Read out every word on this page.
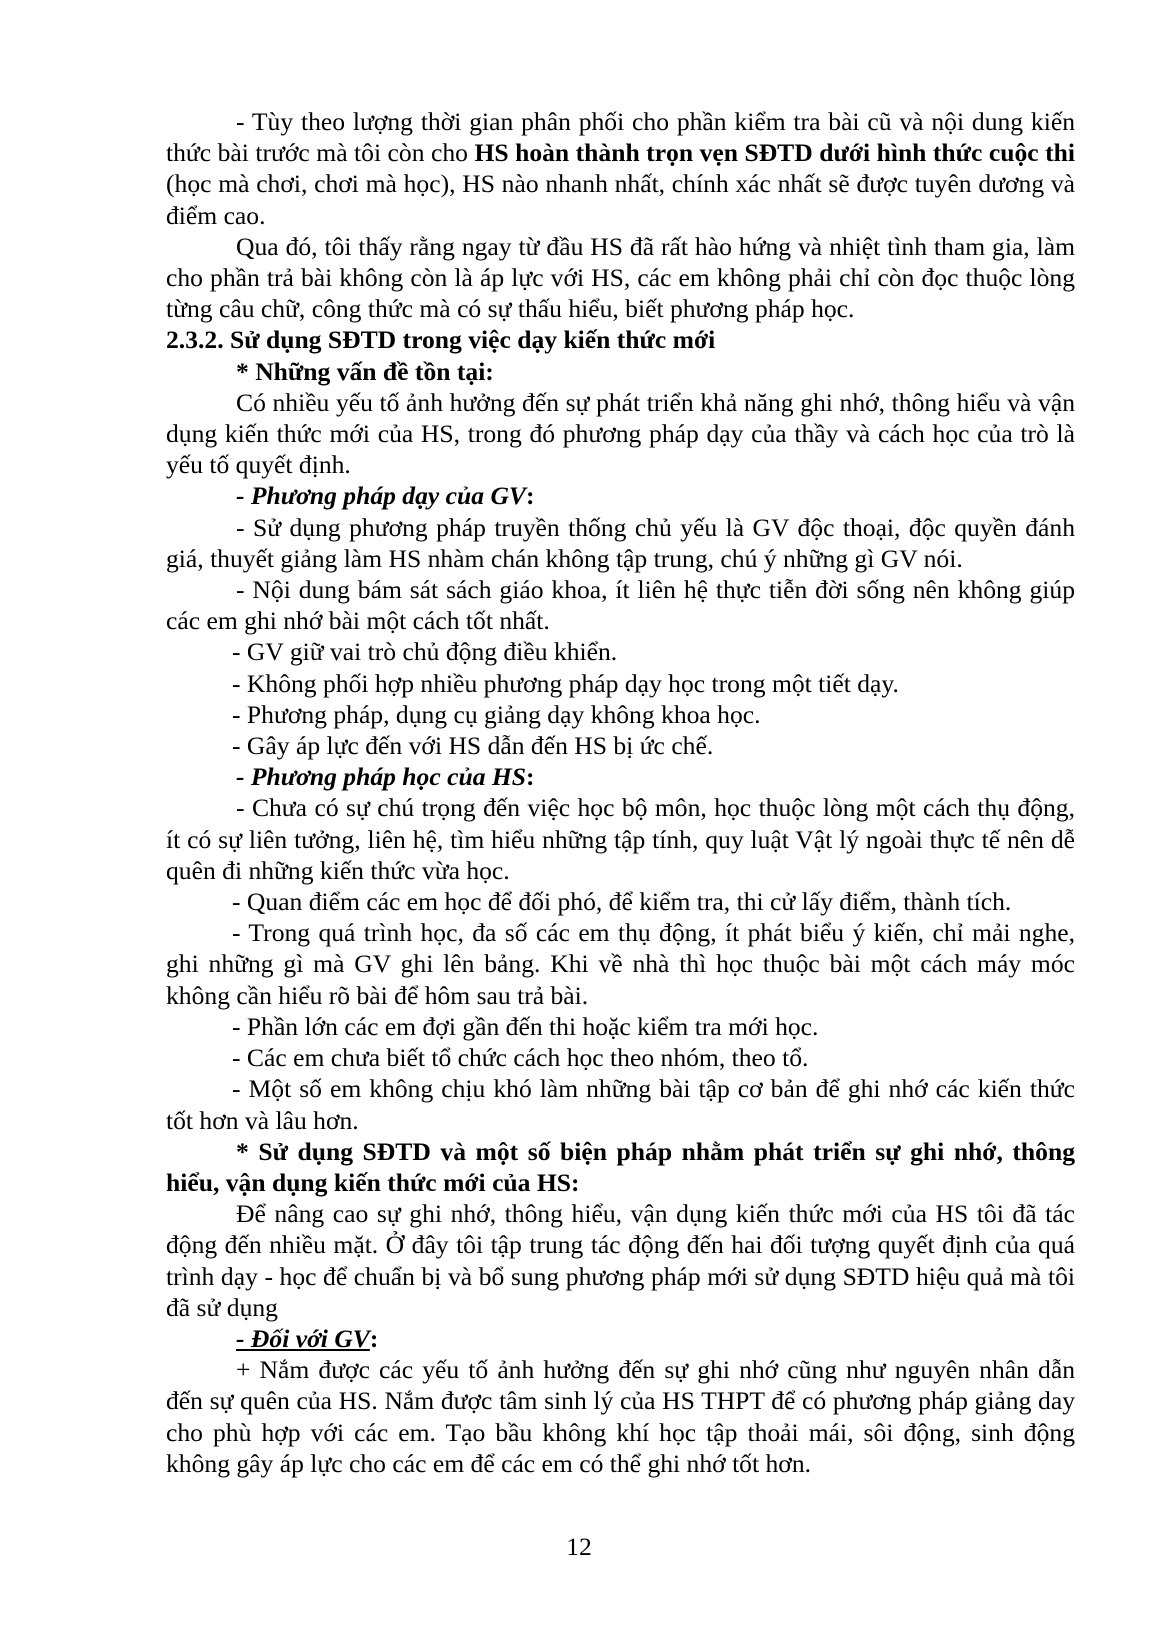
- Tùy theo lượng thời gian phân phối cho phần kiểm tra bài cũ và nội dung kiến thức bài trước mà tôi còn cho HS hoàn thành trọn vẹn SĐTD dưới hình thức cuộc thi (học mà chơi, chơi mà học), HS nào nhanh nhất, chính xác nhất sẽ được tuyên dương và điểm cao.

Qua đó, tôi thấy rằng ngay từ đầu HS đã rất hào hứng và nhiệt tình tham gia, làm cho phần trả bài không còn là áp lực với HS, các em không phải chỉ còn đọc thuộc lòng từng câu chữ, công thức mà có sự thấu hiểu, biết phương pháp học.

2.3.2. Sử dụng SĐTD trong việc dạy kiến thức mới

* Những vấn đề tồn tại:

Có nhiều yếu tố ảnh hưởng đến sự phát triển khả năng ghi nhớ, thông hiểu và vận dụng kiến thức mới của HS, trong đó phương pháp dạy của thầy và cách học của trò là yếu tố quyết định.

- Phương pháp dạy của GV:

- Sử dụng phương pháp truyền thống chủ yếu là GV độc thoại, độc quyền đánh giá, thuyết giảng làm HS nhàm chán không tập trung, chú ý những gì GV nói.

- Nội dung bám sát sách giáo khoa, ít liên hệ thực tiễn đời sống nên không giúp các em ghi nhớ bài một cách tốt nhất.

- GV giữ vai trò chủ động điều khiển.

- Không phối hợp nhiều phương pháp dạy học trong một tiết dạy.

- Phương pháp, dụng cụ giảng dạy không khoa học.

- Gây áp lực đến với HS dẫn đến HS bị ức chế.

- Phương pháp học của HS:

- Chưa có sự chú trọng đến việc học bộ môn, học thuộc lòng một cách thụ động, ít có sự liên tưởng, liên hệ, tìm hiểu những tập tính, quy luật Vật lý ngoài thực tế nên dễ quên đi những kiến thức vừa học.

- Quan điểm các em học để đối phó, để kiểm tra, thi cử lấy điểm, thành tích.

- Trong quá trình học, đa số các em thụ động, ít phát biểu ý kiến, chỉ mải nghe, ghi những gì mà GV ghi lên bảng. Khi về nhà thì học thuộc bài một cách máy móc không cần hiểu rõ bài để hôm sau trả bài.

- Phần lớn các em đợi gần đến thi hoặc kiểm tra mới học.

- Các em chưa biết tổ chức cách học theo nhóm, theo tổ.

- Một số em không chịu khó làm những bài tập cơ bản để ghi nhớ các kiến thức tốt hơn và lâu hơn.

* Sử dụng SĐTD và một số biện pháp nhằm phát triển sự ghi nhớ, thông hiểu, vận dụng kiến thức mới của HS:

Để nâng cao sự ghi nhớ, thông hiểu, vận dụng kiến thức mới của HS tôi đã tác động đến nhiều mặt. Ở đây tôi tập trung tác động đến hai đối tượng quyết định của quá trình dạy - học để chuẩn bị và bổ sung phương pháp mới sử dụng SĐTD hiệu quả mà tôi đã sử dụng

- Đối với GV:

+ Nắm được các yếu tố ảnh hưởng đến sự ghi nhớ cũng như nguyên nhân dẫn đến sự quên của HS. Nắm được tâm sinh lý của HS THPT để có phương pháp giảng day cho phù hợp với các em. Tạo bầu không khí học tập thoải mái, sôi động, sinh động không gây áp lực cho các em để các em có thể ghi nhớ tốt hơn.

12
